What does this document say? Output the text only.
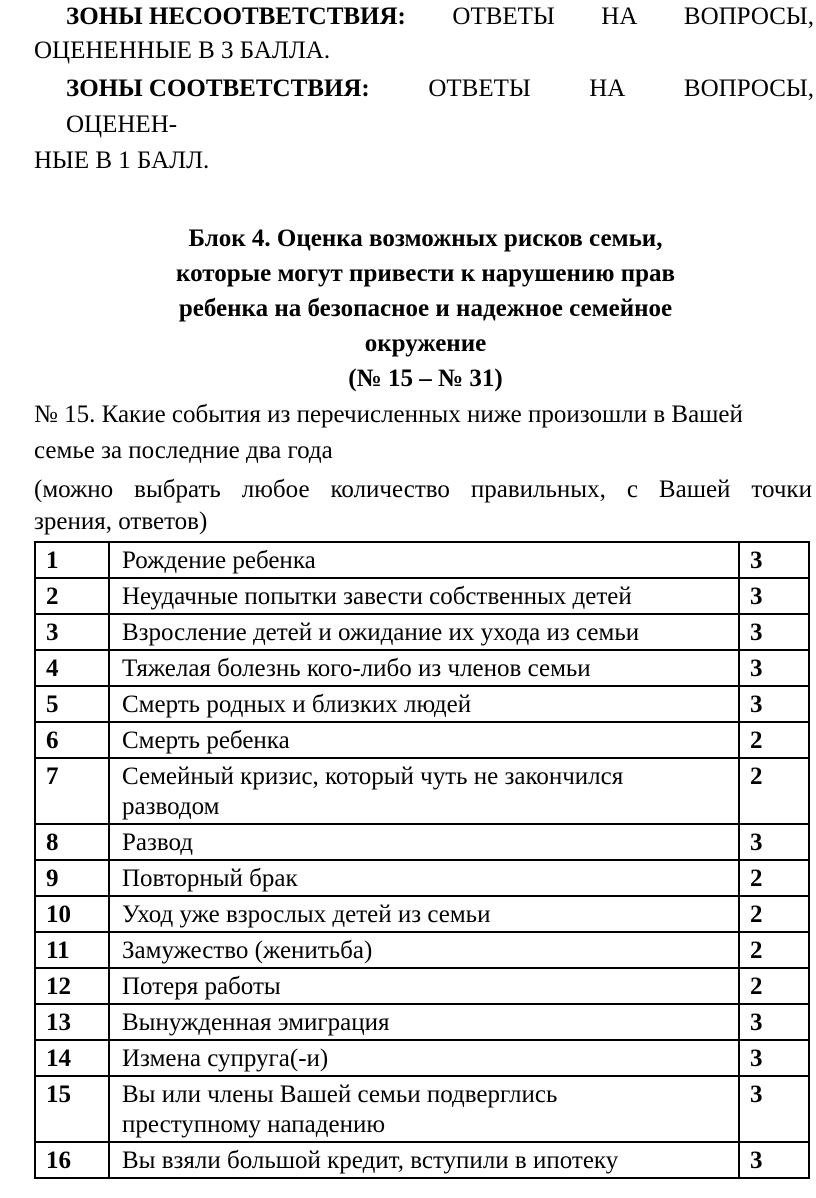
ЗОНЫ НЕСООТВЕТСТВИЯ: ОТВЕТЫ НА ВОПРОСЫ,
ОЦЕНЕННЫЕ В 3 БАЛЛА.
ЗОНЫ СООТВЕТСТВИЯ: ОТВЕТЫ НА ВОПРОСЫ,
ОЦЕНЕН-
НЫЕ В 1 БАЛЛ.
Блок 4. Оценка возможных рисков семьи,
которые могут привести к нарушению прав
ребенка на безопасное и надежное семейное
окружение
(№ 15 – № 31)
№ 15. Какие события из перечисленных ниже произошли в Вашей
семье за последние два года
(можно выбрать любое количество правильных, с Вашей точки
зрения, ответов)
1	Рождение ребенка	3
2	Неудачные попытки завести собственных детей	3
3	Взросление детей и ожидание их ухода из семьи	3
4	Тяжелая болезнь кого-либо из членов семьи	3
5	Смерть родных и близких людей	3
6	Смерть ребенка	2
7	Семейный кризис, который чуть не закончился
разводом	2
8	Развод	3
9	Повторный брак	2
10	Уход уже взрослых детей из семьи	2
11	Замужество (женитьба)	2
12	Потеря работы	2
13	Вынужденная эмиграция	3
14	Измена супруга(-и)	3
15	Вы или члены Вашей семьи подверглись
преступному нападению	3
16	Вы взяли большой кредит, вступили в ипотеку	3
